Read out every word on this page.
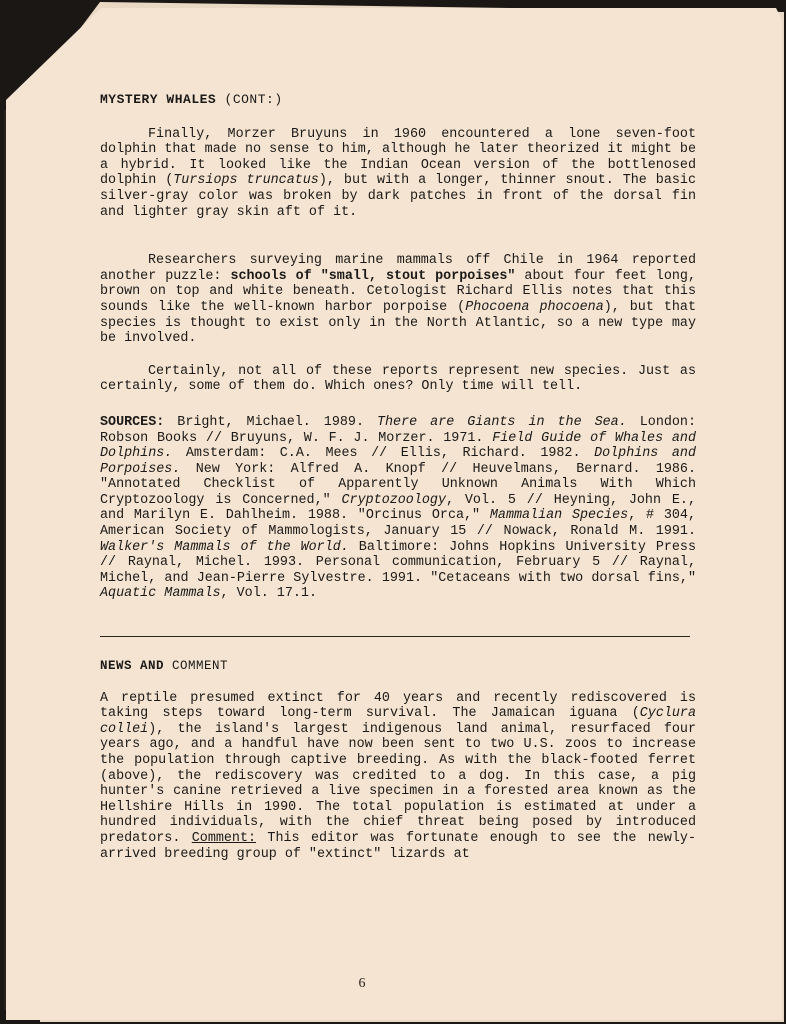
MYSTERY WHALES (CONT:)

Finally, Morzer Bruyuns in 1960 encountered a lone seven-foot dolphin that made no sense to him, although he later theorized it might be a hybrid. It looked like the Indian Ocean version of the bottlenosed dolphin (Tursiops truncatus), but with a longer, thinner snout. The basic silver-gray color was broken by dark patches in front of the dorsal fin and lighter gray skin aft of it.

Researchers surveying marine mammals off Chile in 1964 reported another puzzle: schools of "small, stout porpoises" about four feet long, brown on top and white beneath. Cetologist Richard Ellis notes that this sounds like the well-known harbor porpoise (Phocoena phocoena), but that species is thought to exist only in the North Atlantic, so a new type may be involved.

Certainly, not all of these reports represent new species. Just as certainly, some of them do. Which ones? Only time will tell.

SOURCES: Bright, Michael. 1989. There are Giants in the Sea. London: Robson Books // Bruyuns, W. F. J. Morzer. 1971. Field Guide of Whales and Dolphins. Amsterdam: C.A. Mees // Ellis, Richard. 1982. Dolphins and Porpoises. New York: Alfred A. Knopf // Heuvelmans, Bernard. 1986. "Annotated Checklist of Apparently Unknown Animals With Which Cryptozoology is Concerned," Cryptozoology, Vol. 5 // Heyning, John E., and Marilyn E. Dahlheim. 1988. "Orcinus Orca," Mammalian Species, # 304, American Society of Mammologists, January 15 // Nowack, Ronald M. 1991. Walker's Mammals of the World. Baltimore: Johns Hopkins University Press // Raynal, Michel. 1993. Personal communication, February 5 // Raynal, Michel, and Jean-Pierre Sylvestre. 1991. "Cetaceans with two dorsal fins," Aquatic Mammals, Vol. 17.1.

NEWS AND COMMENT

A reptile presumed extinct for 40 years and recently rediscovered is taking steps toward long-term survival. The Jamaican iguana (Cyclura collei), the island's largest indigenous land animal, resurfaced four years ago, and a handful have now been sent to two U.S. zoos to increase the population through captive breeding. As with the black-footed ferret (above), the rediscovery was credited to a dog. In this case, a pig hunter's canine retrieved a live specimen in a forested area known as the Hellshire Hills in 1990. The total population is estimated at under a hundred individuals, with the chief threat being posed by introduced predators. Comment: This editor was fortunate enough to see the newly-arrived breeding group of "extinct" lizards at

6
